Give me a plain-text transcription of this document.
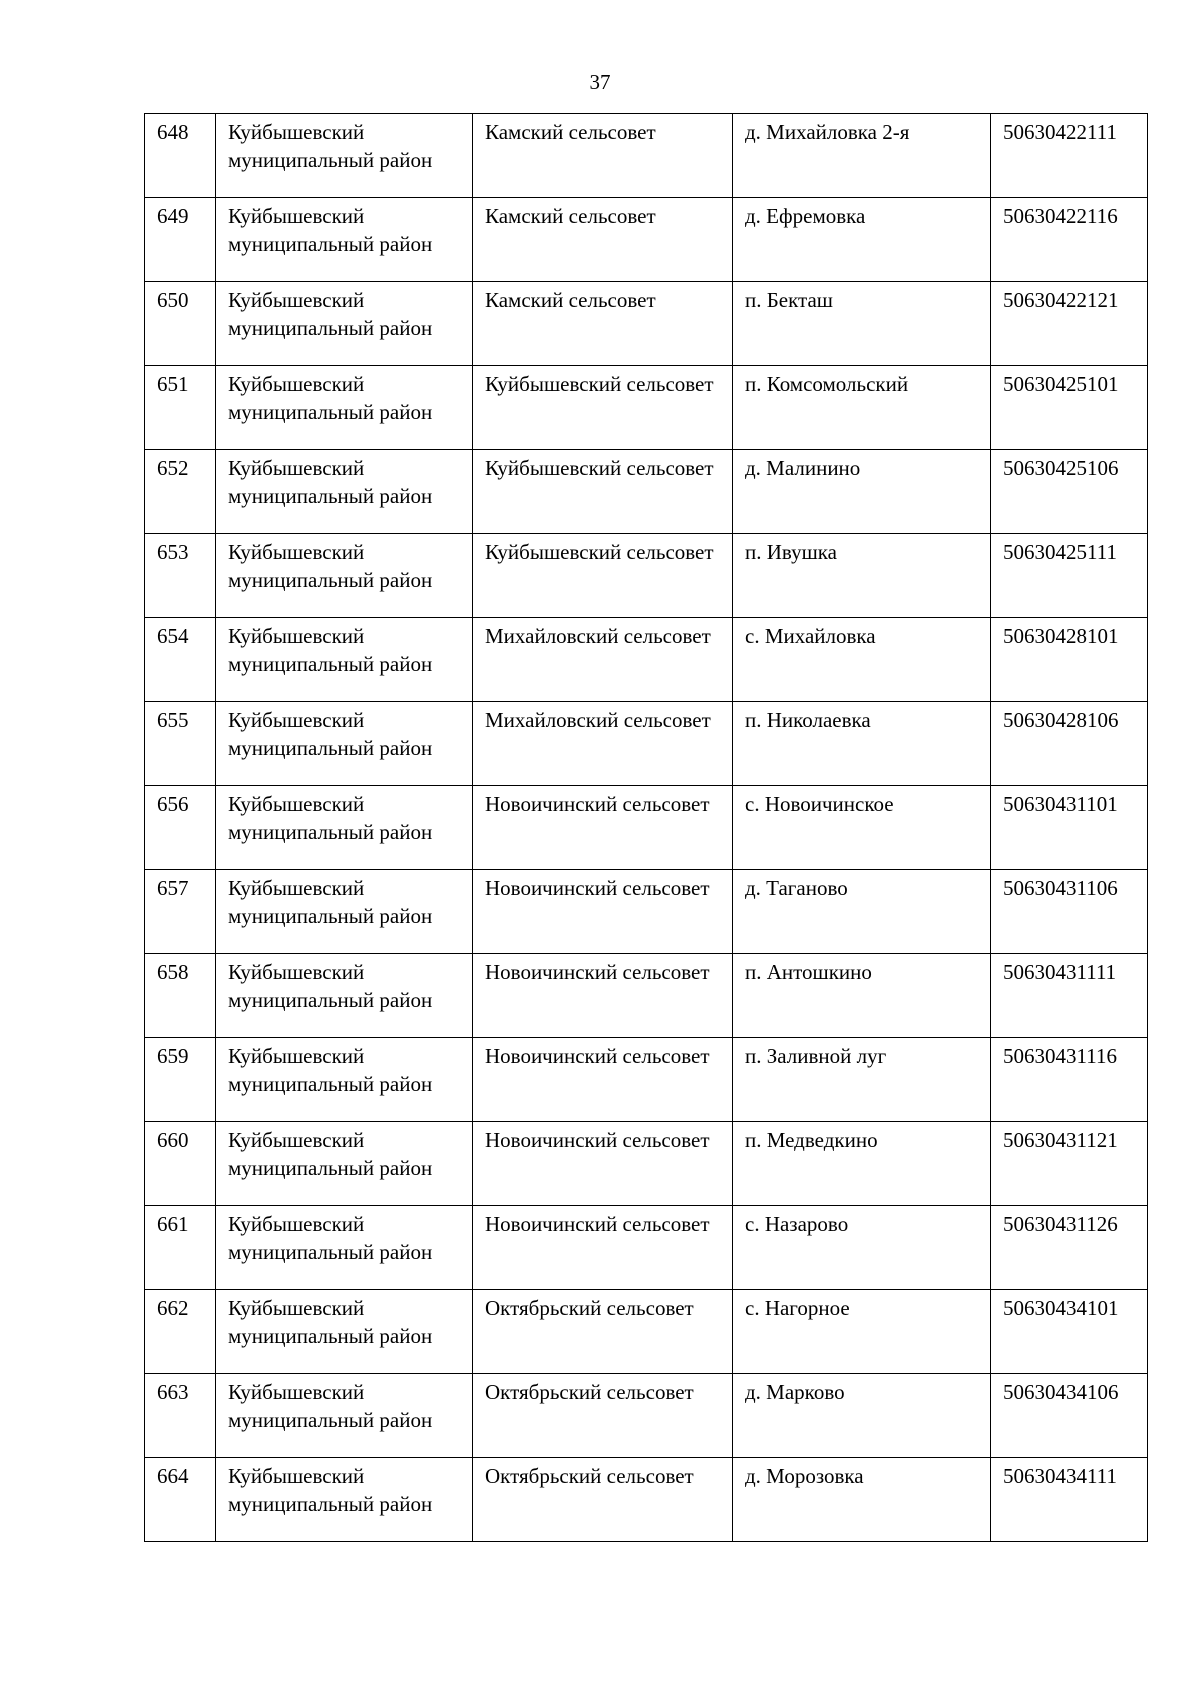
37
648	Куйбышевский муниципальный район	Камский сельсовет	д. Михайловка 2-я	50630422111
649	Куйбышевский муниципальный район	Камский сельсовет	д. Ефремовка	50630422116
650	Куйбышевский муниципальный район	Камский сельсовет	п. Бекташ	50630422121
651	Куйбышевский муниципальный район	Куйбышевский сельсовет	п. Комсомольский	50630425101
652	Куйбышевский муниципальный район	Куйбышевский сельсовет	д. Малинино	50630425106
653	Куйбышевский муниципальный район	Куйбышевский сельсовет	п. Ивушка	50630425111
654	Куйбышевский муниципальный район	Михайловский сельсовет	с. Михайловка	50630428101
655	Куйбышевский муниципальный район	Михайловский сельсовет	п. Николаевка	50630428106
656	Куйбышевский муниципальный район	Новоичинский сельсовет	с. Новоичинское	50630431101
657	Куйбышевский муниципальный район	Новоичинский сельсовет	д. Таганово	50630431106
658	Куйбышевский муниципальный район	Новоичинский сельсовет	п. Антошкино	50630431111
659	Куйбышевский муниципальный район	Новоичинский сельсовет	п. Заливной луг	50630431116
660	Куйбышевский муниципальный район	Новоичинский сельсовет	п. Медведкино	50630431121
661	Куйбышевский муниципальный район	Новоичинский сельсовет	с. Назарово	50630431126
662	Куйбышевский муниципальный район	Октябрьский сельсовет	с. Нагорное	50630434101
663	Куйбышевский муниципальный район	Октябрьский сельсовет	д. Марково	50630434106
664	Куйбышевский муниципальный район	Октябрьский сельсовет	д. Морозовка	50630434111
